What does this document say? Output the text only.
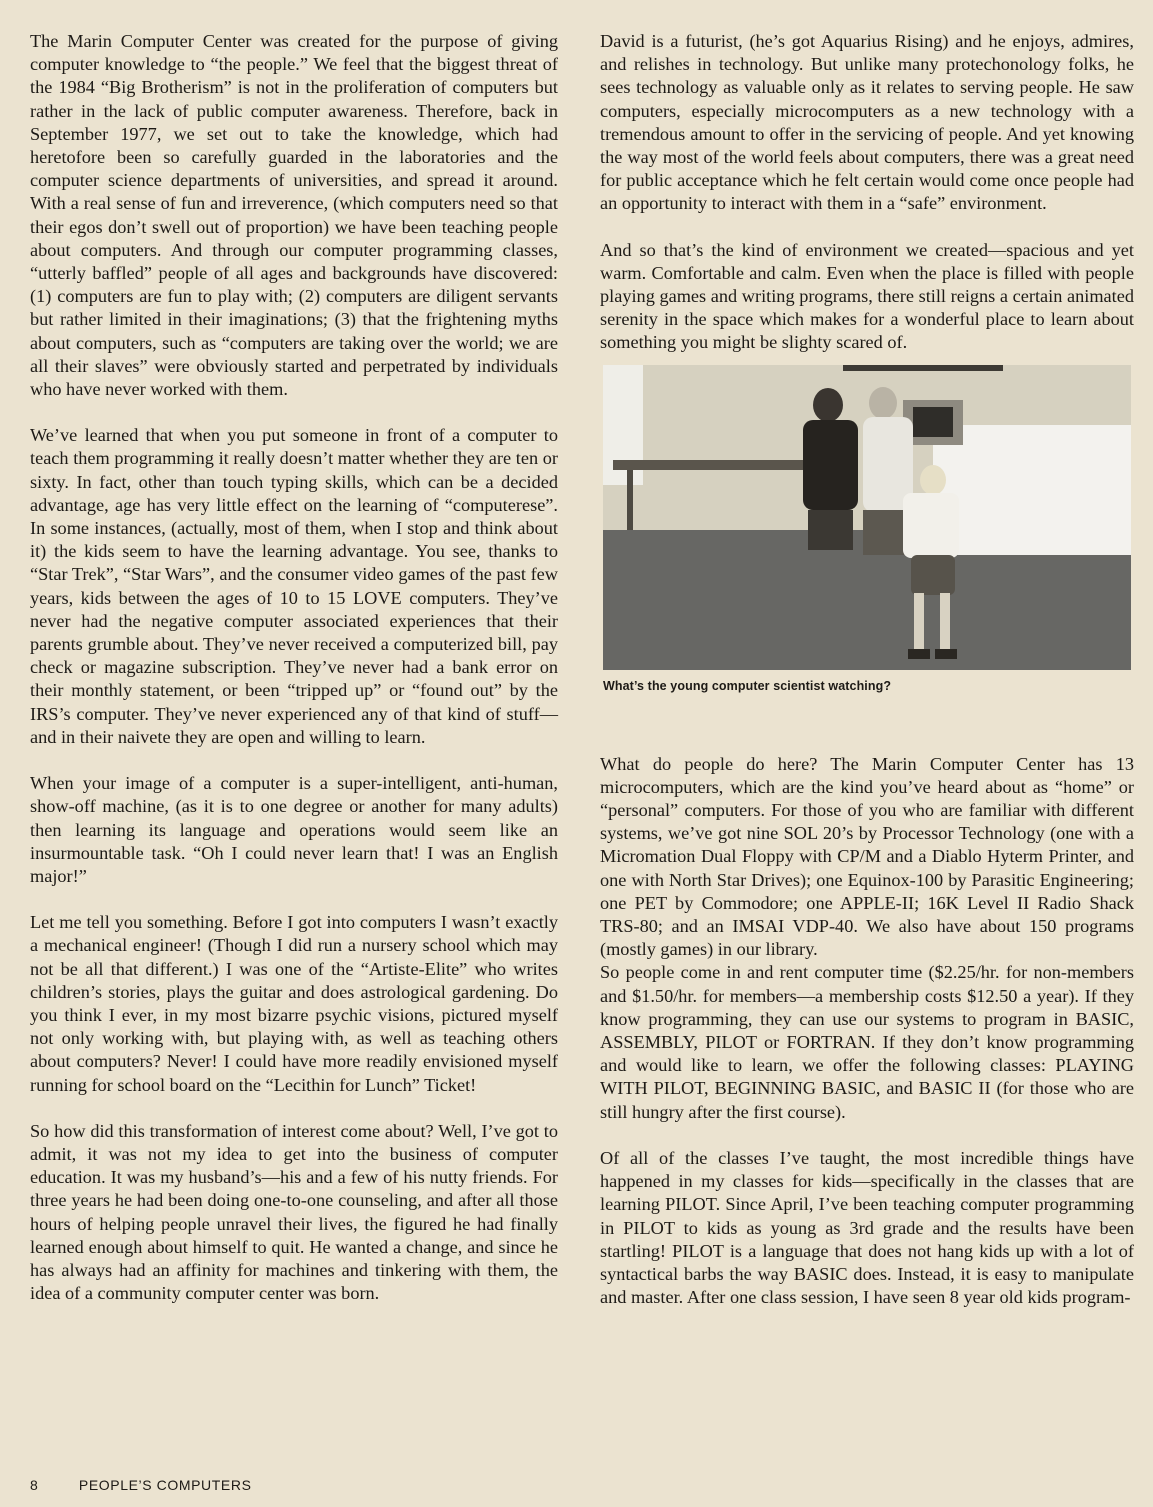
The Marin Computer Center was created for the purpose of giving computer knowledge to “the people.” We feel that the biggest threat of the 1984 “Big Brotherism” is not in the proliferation of computers but rather in the lack of public computer awareness. Therefore, back in September 1977, we set out to take the knowledge, which had heretofore been so carefully guarded in the laboratories and the computer science departments of universities, and spread it around. With a real sense of fun and irreverence, (which computers need so that their egos don’t swell out of proportion) we have been teaching people about computers. And through our computer programming classes, “utterly baffled” people of all ages and backgrounds have discovered: (1) computers are fun to play with; (2) computers are diligent servants but rather limited in their imaginations; (3) that the frightening myths about computers, such as “computers are taking over the world; we are all their slaves” were obviously started and perpetrated by individuals who have never worked with them.

We’ve learned that when you put someone in front of a computer to teach them programming it really doesn’t matter whether they are ten or sixty. In fact, other than touch typing skills, which can be a decided advantage, age has very little effect on the learning of “computerese”. In some instances, (actually, most of them, when I stop and think about it) the kids seem to have the learning advantage. You see, thanks to “Star Trek”, “Star Wars”, and the consumer video games of the past few years, kids between the ages of 10 to 15 LOVE computers. They’ve never had the negative computer associated experiences that their parents grumble about. They’ve never received a computerized bill, pay check or magazine subscription. They’ve never had a bank error on their monthly statement, or been “tripped up” or “found out” by the IRS’s computer. They’ve never experienced any of that kind of stuff—and in their naivete they are open and willing to learn.

When your image of a computer is a super-intelligent, anti-human, show-off machine, (as it is to one degree or another for many adults) then learning its language and operations would seem like an insurmountable task. “Oh I could never learn that! I was an English major!”

Let me tell you something. Before I got into computers I wasn’t exactly a mechanical engineer! (Though I did run a nursery school which may not be all that different.) I was one of the “Artiste-Elite” who writes children’s stories, plays the guitar and does astrological gardening. Do you think I ever, in my most bizarre psychic visions, pictured myself not only working with, but playing with, as well as teaching others about computers? Never! I could have more readily envisioned myself running for school board on the “Lecithin for Lunch” Ticket!

So how did this transformation of interest come about? Well, I’ve got to admit, it was not my idea to get into the business of computer education. It was my husband’s—his and a few of his nutty friends. For three years he had been doing one-to-one counseling, and after all those hours of helping people unravel their lives, the figured he had finally learned enough about himself to quit. He wanted a change, and since he has always had an affinity for machines and tinkering with them, the idea of a community computer center was born.

David is a futurist, (he’s got Aquarius Rising) and he enjoys, admires, and relishes in technology. But unlike many protechonology folks, he sees technology as valuable only as it relates to serving people. He saw computers, especially microcomputers as a new technology with a tremendous amount to offer in the servicing of people. And yet knowing the way most of the world feels about computers, there was a great need for public acceptance which he felt certain would come once people had an opportunity to interact with them in a “safe” environment.

And so that’s the kind of environment we created—spacious and yet warm. Comfortable and calm. Even when the place is filled with people playing games and writing programs, there still reigns a certain animated serenity in the space which makes for a wonderful place to learn about something you might be slighty scared of.

What’s the young computer scientist watching?

What do people do here? The Marin Computer Center has 13 microcomputers, which are the kind you’ve heard about as “home” or “personal” computers. For those of you who are familiar with different systems, we’ve got nine SOL 20’s by Processor Technology (one with a Micromation Dual Floppy with CP/M and a Diablo Hyterm Printer, and one with North Star Drives); one Equinox-100 by Parasitic Engineering; one PET by Commodore; one APPLE-II; 16K Level II Radio Shack TRS-80; and an IMSAI VDP-40. We also have about 150 programs (mostly games) in our library.

So people come in and rent computer time ($2.25/hr. for non-members and $1.50/hr. for members—a membership costs $12.50 a year). If they know programming, they can use our systems to program in BASIC, ASSEMBLY, PILOT or FORTRAN. If they don’t know programming and would like to learn, we offer the following classes: PLAYING WITH PILOT, BEGINNING BASIC, and BASIC II (for those who are still hungry after the first course).

Of all of the classes I’ve taught, the most incredible things have happened in my classes for kids—specifically in the classes that are learning PILOT. Since April, I’ve been teaching computer programming in PILOT to kids as young as 3rd grade and the results have been startling! PILOT is a language that does not hang kids up with a lot of syntactical barbs the way BASIC does. Instead, it is easy to manipulate and master. After one class session, I have seen 8 year old kids program-

8	PEOPLE’S COMPUTERS
